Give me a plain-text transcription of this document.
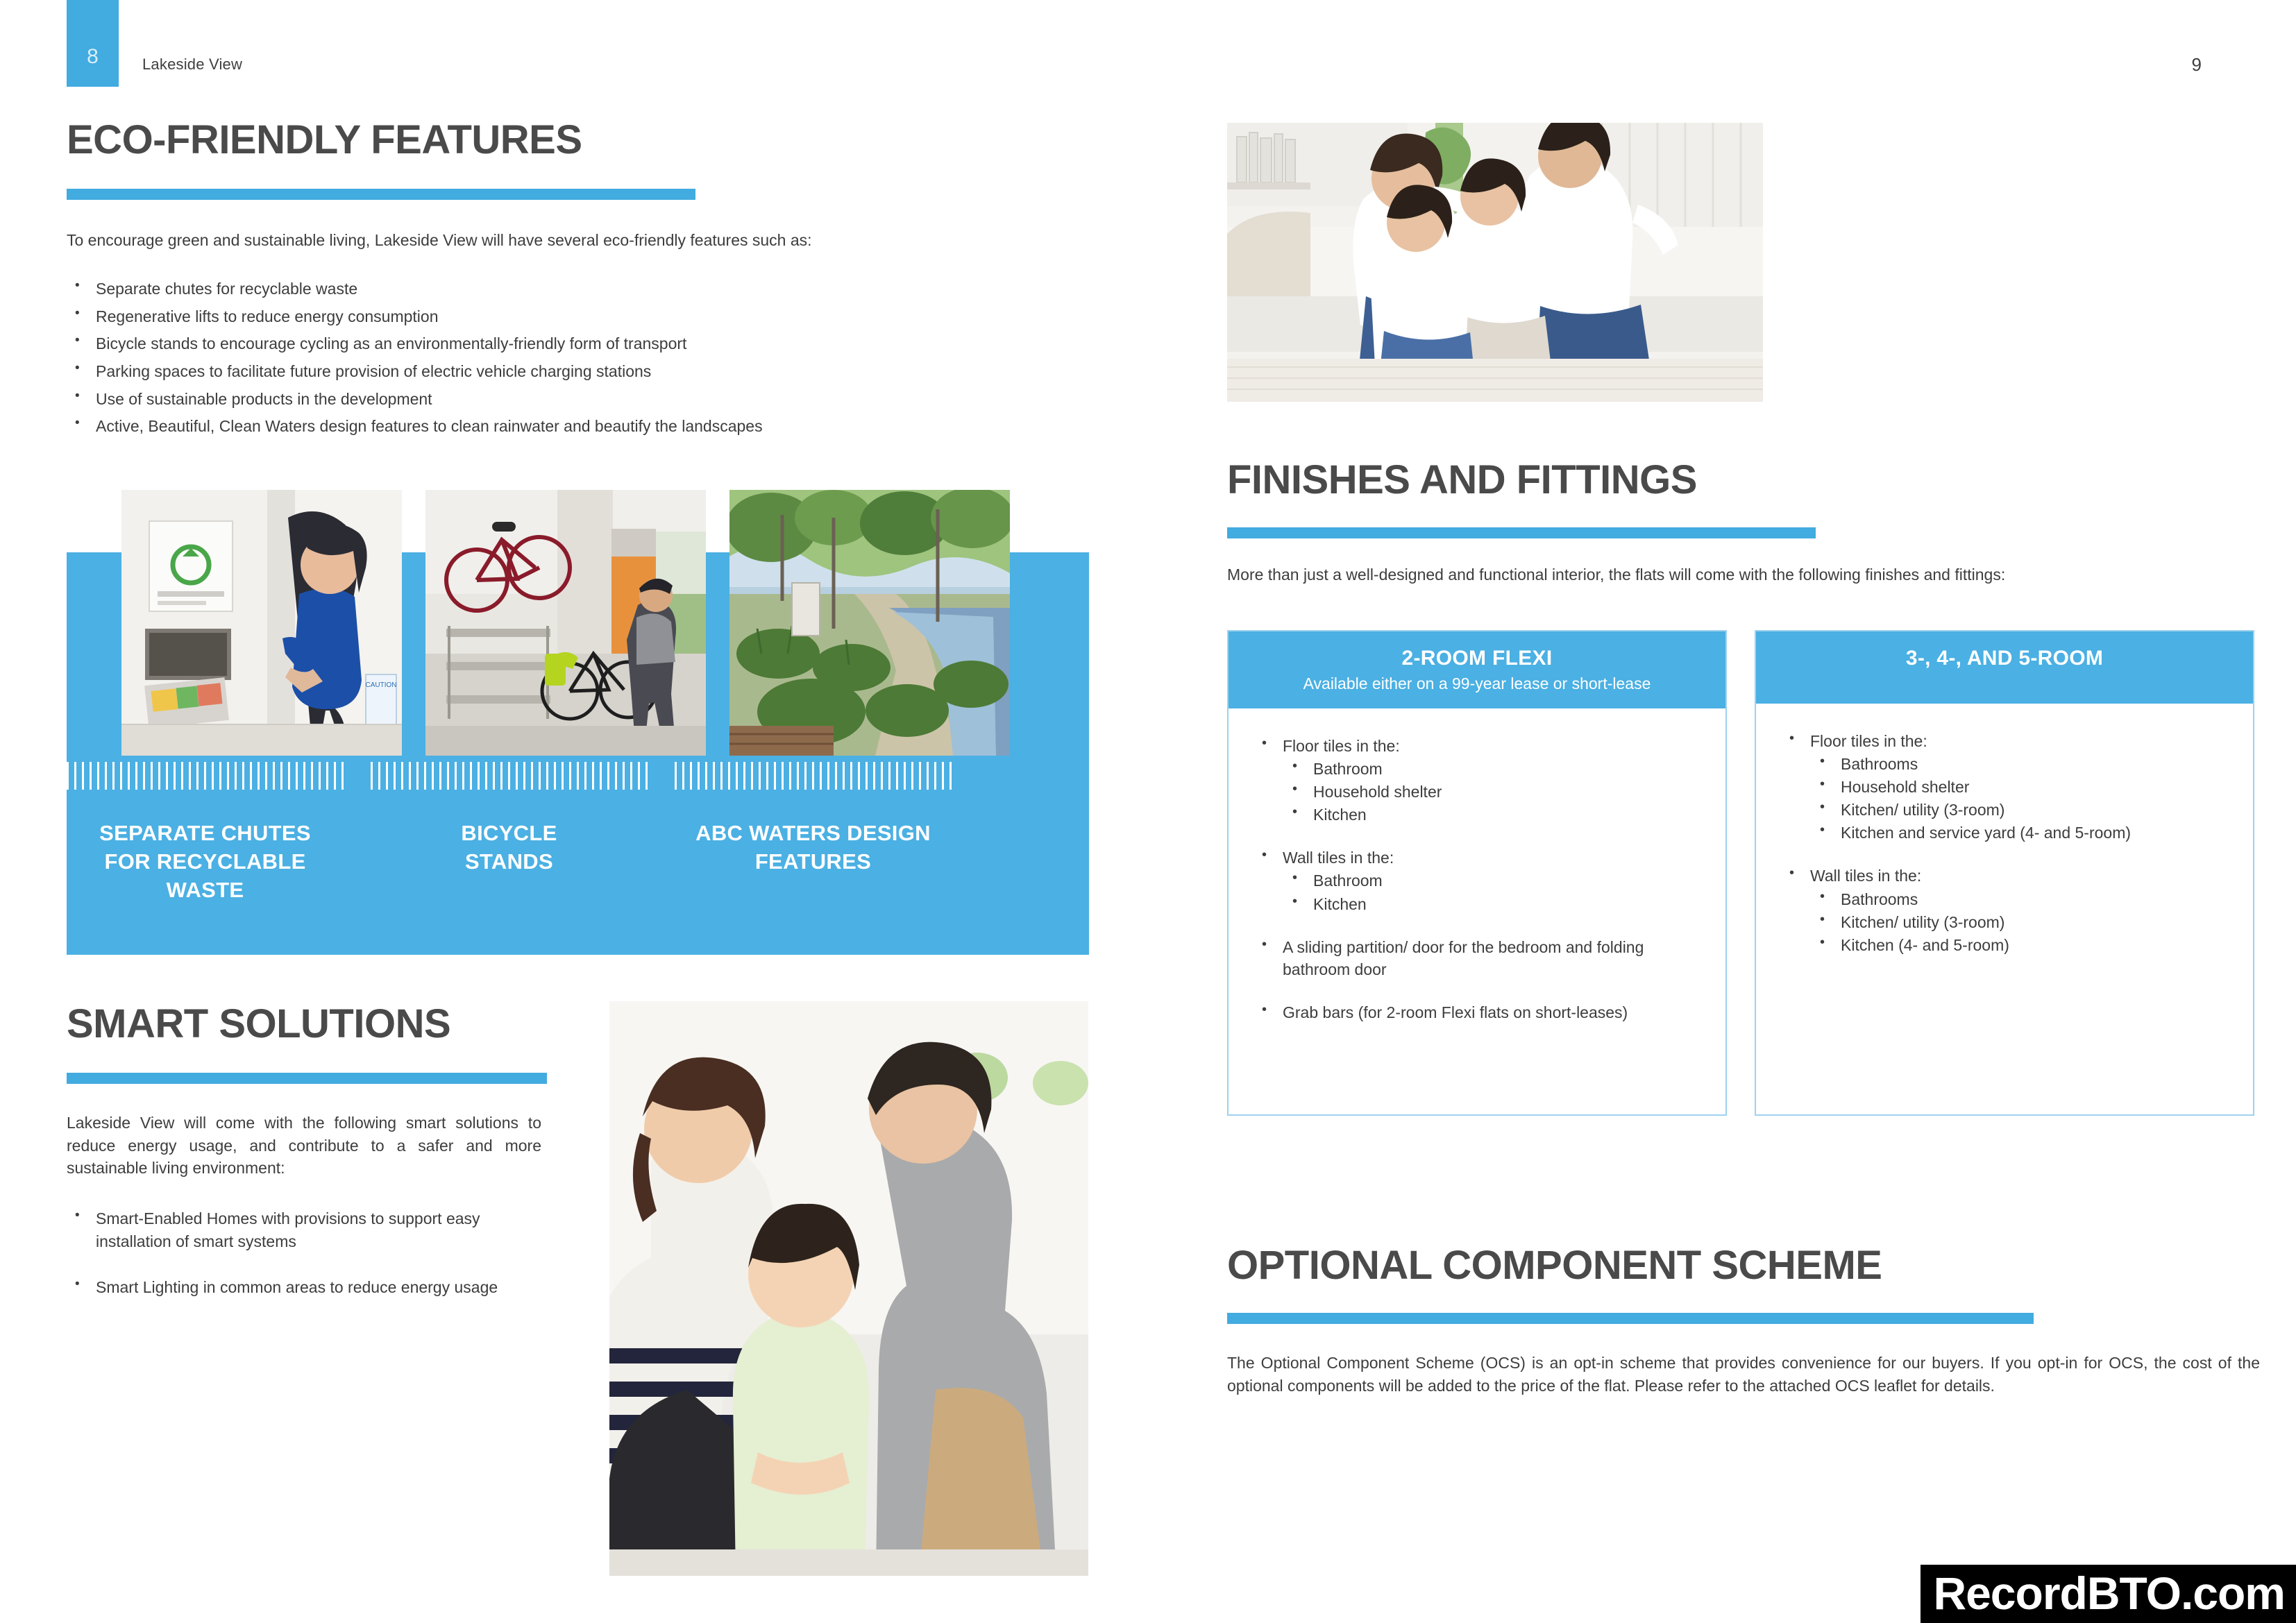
8	Lakeside View	9
ECO-FRIENDLY FEATURES
To encourage green and sustainable living, Lakeside View will have several eco-friendly features such as:
• Separate chutes for recyclable waste
• Regenerative lifts to reduce energy consumption
• Bicycle stands to encourage cycling as an environmentally-friendly form of transport
• Parking spaces to facilitate future provision of electric vehicle charging stations
• Use of sustainable products in the development
• Active, Beautiful, Clean Waters design features to clean rainwater and beautify the landscapes
SEPARATE CHUTES
FOR RECYCLABLE
WASTE
BICYCLE
STANDS
ABC WATERS DESIGN
FEATURES
CAUTION
SMART SOLUTIONS
Lakeside View will come with the following smart solutions to reduce energy usage, and contribute to a safer and more sustainable living environment:
• Smart-Enabled Homes with provisions to support easy installation of smart systems
• Smart Lighting in common areas to reduce energy usage
FINISHES AND FITTINGS
More than just a well-designed and functional interior, the flats will come with the following finishes and fittings:
2-ROOM FLEXI
Available either on a 99-year lease or short-lease
• Floor tiles in the:
• Bathroom
• Household shelter
• Kitchen
• Wall tiles in the:
• Bathroom
• Kitchen
• A sliding partition/ door for the bedroom and folding bathroom door
• Grab bars (for 2-room Flexi flats on short-leases)
3-, 4-, AND 5-ROOM
• Floor tiles in the:
• Bathrooms
• Household shelter
• Kitchen/ utility (3-room)
• Kitchen and service yard (4- and 5-room)
• Wall tiles in the:
• Bathrooms
• Kitchen/ utility (3-room)
• Kitchen (4- and 5-room)
OPTIONAL COMPONENT SCHEME
The Optional Component Scheme (OCS) is an opt-in scheme that provides convenience for our buyers. If you opt-in for OCS, the cost of the optional components will be added to the price of the flat. Please refer to the attached OCS leaflet for details.
RecordBTO.com
